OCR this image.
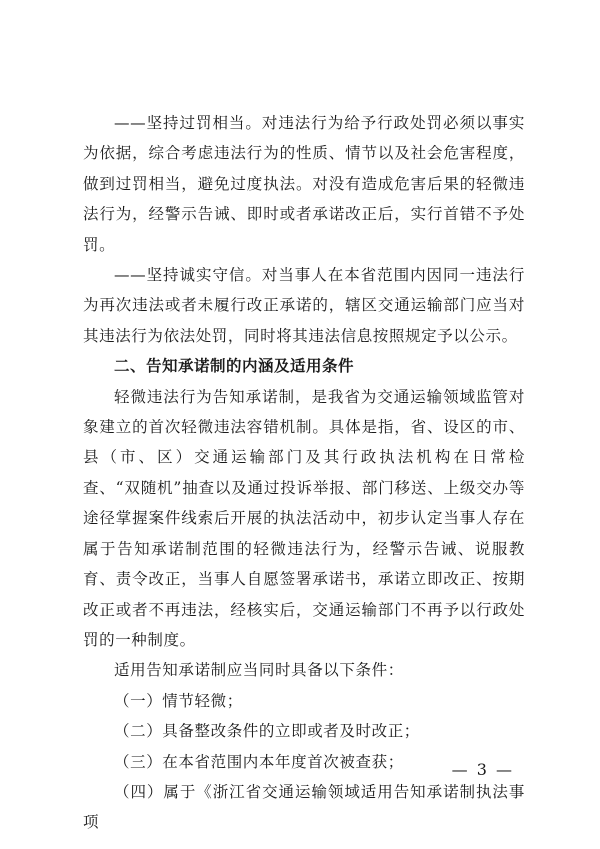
——坚持过罚相当。对违法行为给予行政处罚必须以事实为依据，综合考虑违法行为的性质、情节以及社会危害程度，做到过罚相当，避免过度执法。对没有造成危害后果的轻微违法行为，经警示告诫、即时或者承诺改正后，实行首错不予处罚。

——坚持诚实守信。对当事人在本省范围内因同一违法行为再次违法或者未履行改正承诺的，辖区交通运输部门应当对其违法行为依法处罚，同时将其违法信息按照规定予以公示。

二、告知承诺制的内涵及适用条件

轻微违法行为告知承诺制，是我省为交通运输领域监管对象建立的首次轻微违法容错机制。具体是指，省、设区的市、县（市、区）交通运输部门及其行政执法机构在日常检查、“双随机”抽查以及通过投诉举报、部门移送、上级交办等途径掌握案件线索后开展的执法活动中，初步认定当事人存在属于告知承诺制范围的轻微违法行为，经警示告诫、说服教育、责令改正，当事人自愿签署承诺书，承诺立即改正、按期改正或者不再违法，经核实后，交通运输部门不再予以行政处罚的一种制度。

适用告知承诺制应当同时具备以下条件：

（一）情节轻微；

（二）具备整改条件的立即或者及时改正；

（三）在本省范围内本年度首次被查获；

（四）属于《浙江省交通运输领域适用告知承诺制执法事项

— 3 —
